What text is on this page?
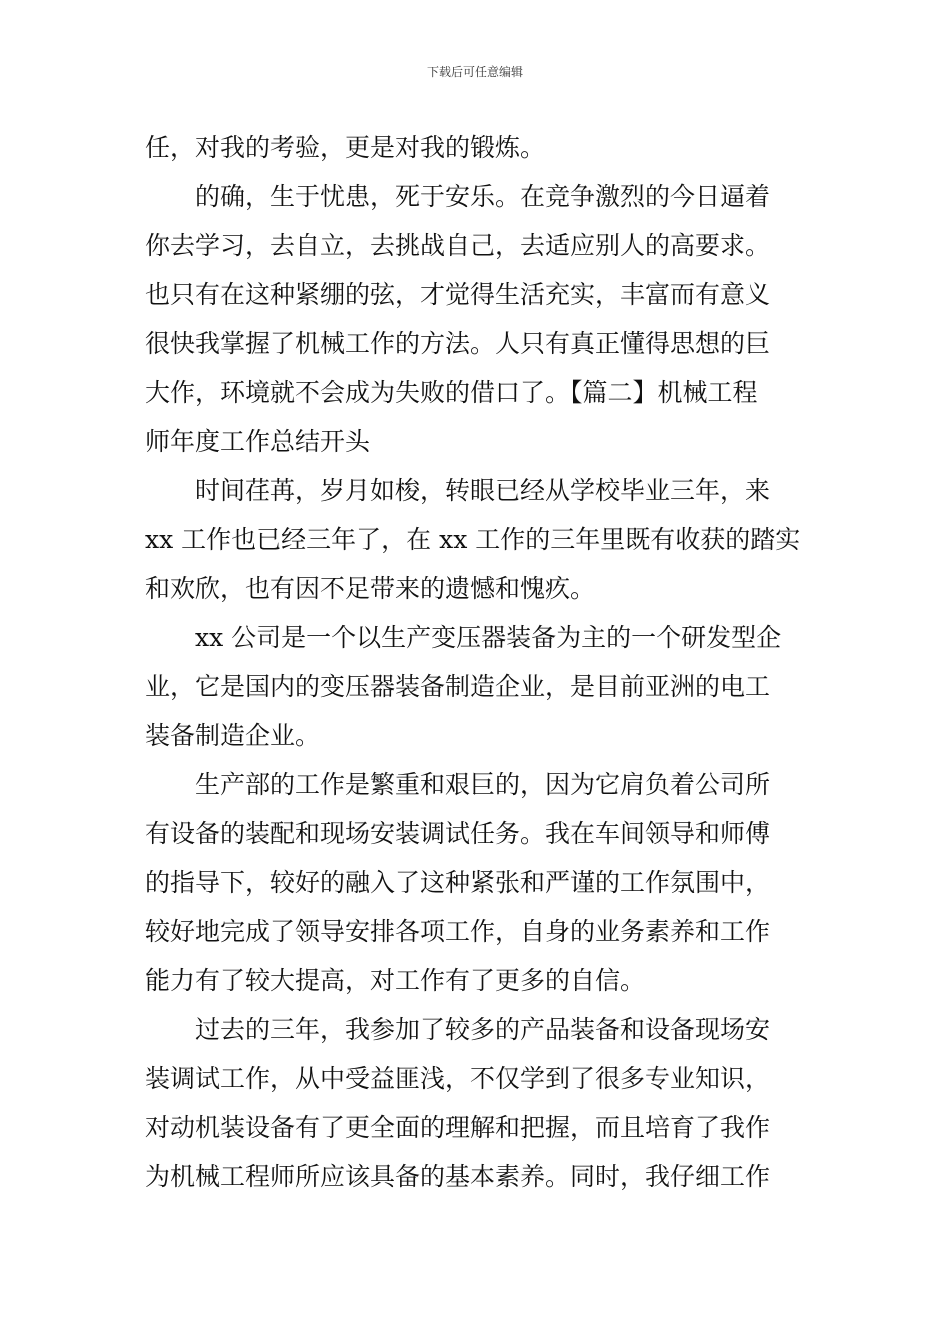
下载后可任意编辑
任，对我的考验，更是对我的锻炼。
的确，生于忧患，死于安乐。在竞争激烈的今日逼着
你去学习，去自立，去挑战自己，去适应别人的高要求。
也只有在这种紧绷的弦，才觉得生活充实，丰富而有意义
很快我掌握了机械工作的方法。人只有真正懂得思想的巨
大作，环境就不会成为失败的借口了。【篇二】机械工程
师年度工作总结开头
时间荏苒，岁月如梭，转眼已经从学校毕业三年，来
xx 工作也已经三年了，在 xx 工作的三年里既有收获的踏实
和欢欣，也有因不足带来的遗憾和愧疚。
xx 公司是一个以生产变压器装备为主的一个研发型企
业，它是国内的变压器装备制造企业，是目前亚洲的电工
装备制造企业。
生产部的工作是繁重和艰巨的，因为它肩负着公司所
有设备的装配和现场安装调试任务。我在车间领导和师傅
的指导下，较好的融入了这种紧张和严谨的工作氛围中，
较好地完成了领导安排各项工作，自身的业务素养和工作
能力有了较大提高，对工作有了更多的自信。
过去的三年，我参加了较多的产品装备和设备现场安
装调试工作，从中受益匪浅，不仅学到了很多专业知识，
对动机装设备有了更全面的理解和把握，而且培育了我作
为机械工程师所应该具备的基本素养。同时，我仔细工作
